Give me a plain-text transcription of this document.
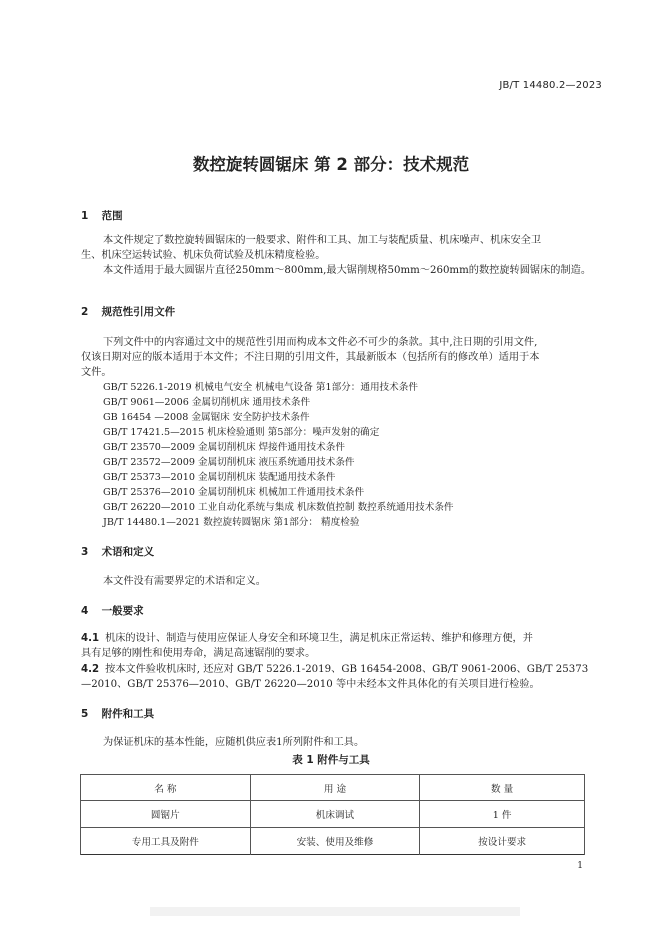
JB/T 14480.2—2023
数控旋转圆锯床 第 2 部分：技术规范
1 范围
本文件规定了数控旋转圆锯床的一般要求、附件和工具、加工与装配质量、机床噪声、机床安全卫
生、机床空运转试验、机床负荷试验及机床精度检验。
本文件适用于最大圆锯片直径250mm～800mm,最大锯削规格50mm～260mm的数控旋转圆锯床的制造。
2 规范性引用文件
下列文件中的内容通过文中的规范性引用而构成本文件必不可少的条款。其中,注日期的引用文件,
仅该日期对应的版本适用于本文件；不注日期的引用文件，其最新版本（包括所有的修改单）适用于本
文件。
GB/T 5226.1-2019 机械电气安全 机械电气设备 第1部分：通用技术条件
GB/T 9061—2006 金属切削机床 通用技术条件
GB 16454 —2008 金属锯床 安全防护技术条件
GB/T 17421.5—2015 机床检验通则 第5部分：噪声发射的确定
GB/T 23570—2009 金属切削机床 焊接件通用技术条件
GB/T 23572—2009 金属切削机床 液压系统通用技术条件
GB/T 25373—2010 金属切削机床 装配通用技术条件
GB/T 25376—2010 金属切削机床 机械加工件通用技术条件
GB/T 26220—2010 工业自动化系统与集成 机床数值控制 数控系统通用技术条件
JB/T 14480.1—2021 数控旋转圆锯床 第1部分： 精度检验
3 术语和定义
本文件没有需要界定的术语和定义。
4 一般要求
4.1 机床的设计、制造与使用应保证人身安全和环境卫生，满足机床正常运转、维护和修理方便，并
具有足够的刚性和使用寿命，满足高速锯削的要求。
4.2 按本文件验收机床时, 还应对 GB/T 5226.1-2019、GB 16454-2008、GB/T 9061-2006、GB/T 25373
—2010、GB/T 25376—2010、GB/T 26220—2010 等中未经本文件具体化的有关项目进行检验。
5 附件和工具
为保证机床的基本性能，应随机供应表1所列附件和工具。
表 1 附件与工具
名 称	用 途	数 量
圆锯片	机床调试	1 件
专用工具及附件	安装、使用及维修	按设计要求
1
